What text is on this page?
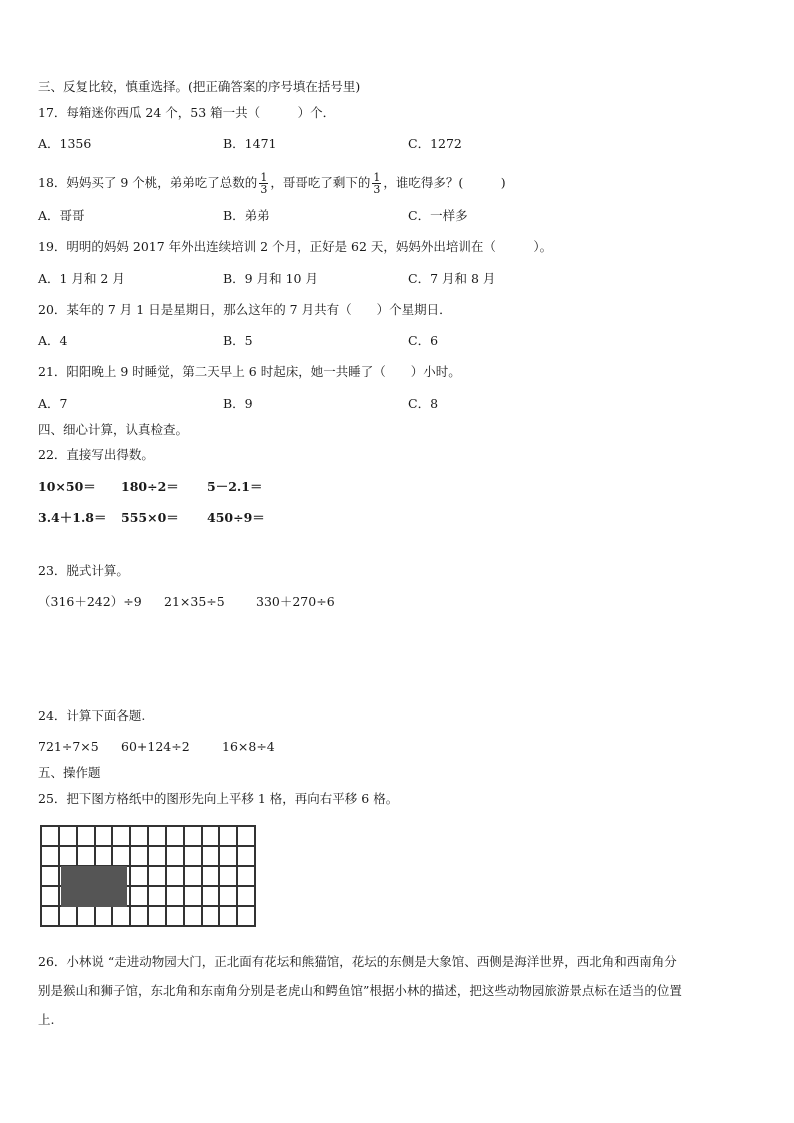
三、反复比较，慎重选择。(把正确答案的序号填在括号里)
17．每箱迷你西瓜 24 个，53 箱一共（　　　）个．
A．1356	B．1471	C．1272
18．妈妈买了 9 个桃，弟弟吃了总数的 $\frac{1}{3}$ ，哥哥吃了剩下的 $\frac{1}{3}$ ，谁吃得多？(　　　)
A．哥哥	B．弟弟	C．一样多
19．明明的妈妈 2017 年外出连续培训 2 个月，正好是 62 天，妈妈外出培训在（　　　）。
A．1 月和 2 月	B．9 月和 10 月	C．7 月和 8 月
20．某年的 7 月 1 日是星期日，那么这年的 7 月共有（　　）个星期日．
A．4	B．5	C．6
21．阳阳晚上 9 时睡觉，第二天早上 6 时起床，她一共睡了（　　）小时。
A．7	B．9	C．8
四、细心计算，认真检查。
22．直接写出得数。
10×50＝ 180÷2＝ 5－2.1＝
3.4＋1.8＝ 555×0＝ 450÷9＝
23．脱式计算。
（316＋242）÷9 21×35÷5	330＋270÷6
24．计算下面各题.
721÷7×5 60+124÷2	16×8÷4
五、操作题
25．把下图方格纸中的图形先向上平移 1 格，再向右平移 6 格。
26．小林说 “走进动物园大门，正北面有花坛和熊猫馆，花坛的东侧是大象馆、西侧是海洋世界，西北角和西南角分
别是猴山和狮子馆，东北角和东南角分别是老虎山和鳄鱼馆”根据小林的描述，把这些动物园旅游景点标在适当的位置
上.
